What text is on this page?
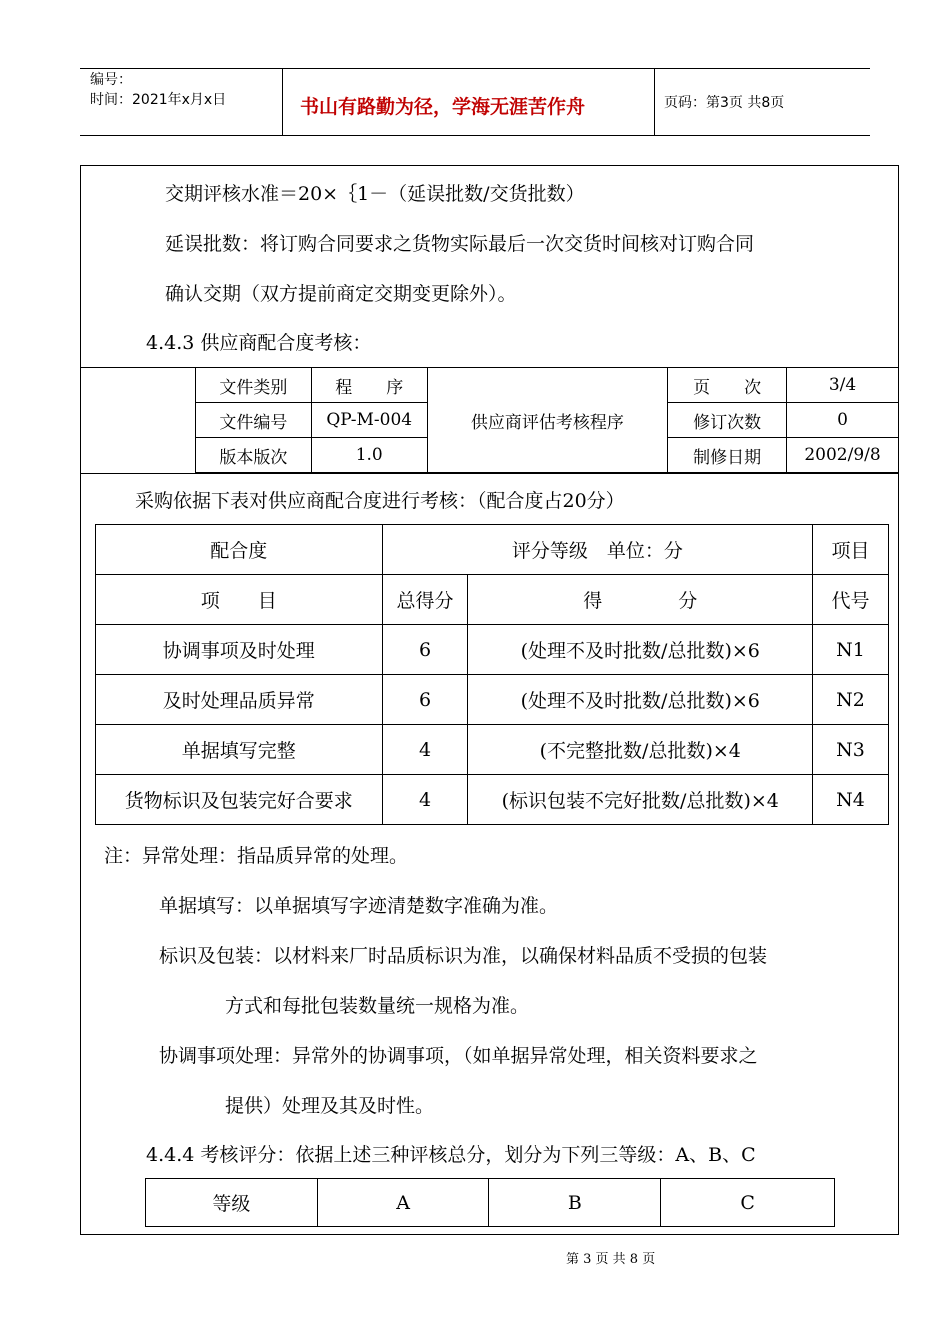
编号：
时间：2021年x月x日	书山有路勤为径，学海无涯苦作舟	页码：第3页 共8页
交期评核水准＝20×｛1－（延误批数/交货批数）
延误批数：将订购合同要求之货物实际最后一次交货时间核对订购合同
确认交期（双方提前商定交期变更除外）。
4.4.3 供应商配合度考核：
文件类别	程　　序	供应商评估考核程序	页　　次	3/4
文件编号	QP-M-004		修订次数	0
版本版次	1.0		制修日期	2002/9/8
采购依据下表对供应商配合度进行考核：（配合度占20分）
配合度	评分等级　单位：分		项目
项　　目	总得分	得　　　　分	代号
协调事项及时处理	6	(处理不及时批数/总批数)×6	N1
及时处理品质异常	6	(处理不及时批数/总批数)×6	N2
单据填写完整	4	(不完整批数/总批数)×4	N3
货物标识及包装完好合要求	4	(标识包装不完好批数/总批数)×4	N4
注：异常处理：指品质异常的处理。
单据填写：以单据填写字迹清楚数字准确为准。
标识及包装：以材料来厂时品质标识为准，以确保材料品质不受损的包装
方式和每批包装数量统一规格为准。
协调事项处理：异常外的协调事项，（如单据异常处理，相关资料要求之
提供）处理及其及时性。
4.4.4 考核评分：依据上述三种评核总分，划分为下列三等级：A、B、C
等级	A	B	C
第 3 页 共 8 页
